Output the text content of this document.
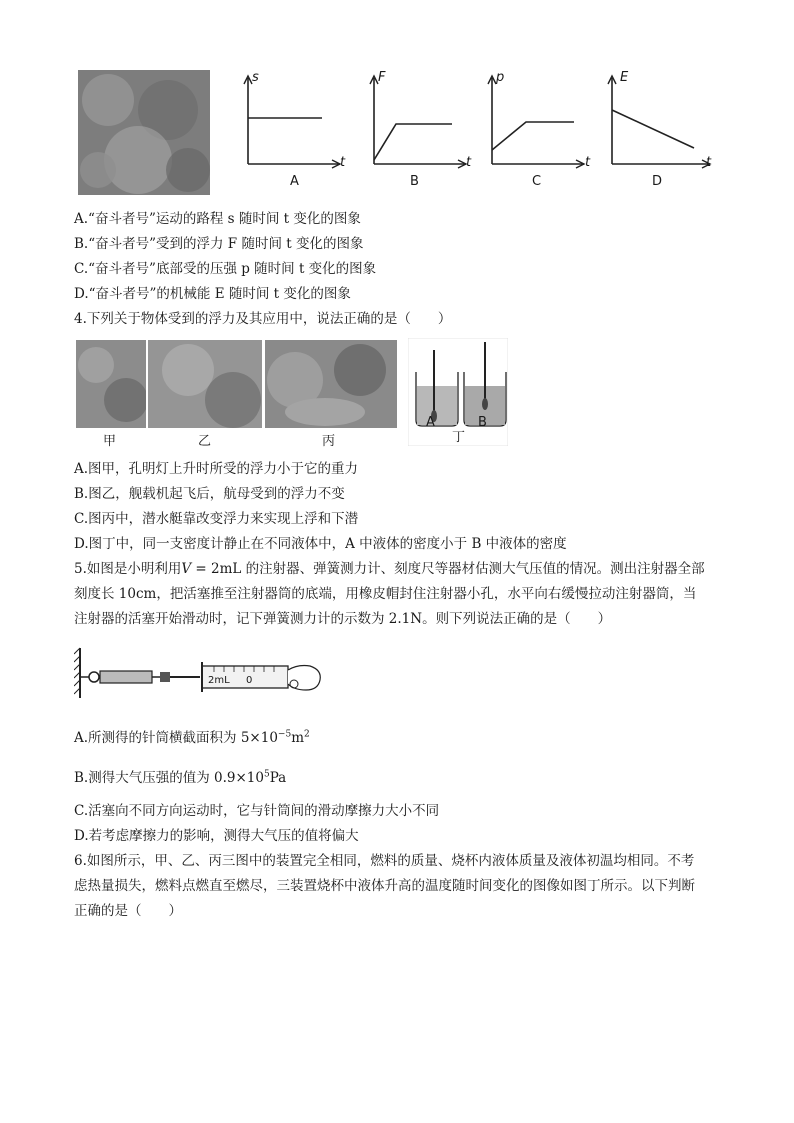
s
t
A
F
t
B
p
t
C
E
t
D
A.“奋斗者号”运动的路程 s 随时间 t 变化的图象
B.“奋斗者号”受到的浮力 F 随时间 t 变化的图象
C.“奋斗者号”底部受的压强 p 随时间 t 变化的图象
D.“奋斗者号”的机械能 E 随时间 t 变化的图象
4.下列关于物体受到的浮力及其应用中，说法正确的是（　　）
甲	乙	丙
A
丁
B
A.图甲，孔明灯上升时所受的浮力小于它的重力
B.图乙，舰载机起飞后，航母受到的浮力不变
C.图丙中，潜水艇靠改变浮力来实现上浮和下潜
D.图丁中，同一支密度计静止在不同液体中，A 中液体的密度小于 B 中液体的密度
5.如图是小明利用𝑉 = 2mL 的注射器、弹簧测力计、刻度尺等器材估测大气压值的情况。测出注射器全部
刻度长 10cm，把活塞推至注射器筒的底端，用橡皮帽封住注射器小孔，水平向右缓慢拉动注射器筒，当
注射器的活塞开始滑动时，记下弹簧测力计的示数为 2.1N。则下列说法正确的是（　　）
2mL 0
A.所测得的针筒横截面积为 $5\times 10^{-5}m^2$
B.测得大气压强的值为 $0.9\times 10^5Pa$
C.活塞向不同方向运动时，它与针筒间的滑动摩擦力大小不同
D.若考虑摩擦力的影响，测得大气压的值将偏大
6.如图所示，甲、乙、丙三图中的装置完全相同，燃料的质量、烧杯内液体质量及液体初温均相同。不考
虑热量损失，燃料点燃直至燃尽，三装置烧杯中液体升高的温度随时间变化的图像如图丁所示。以下判断
正确的是（　　）
